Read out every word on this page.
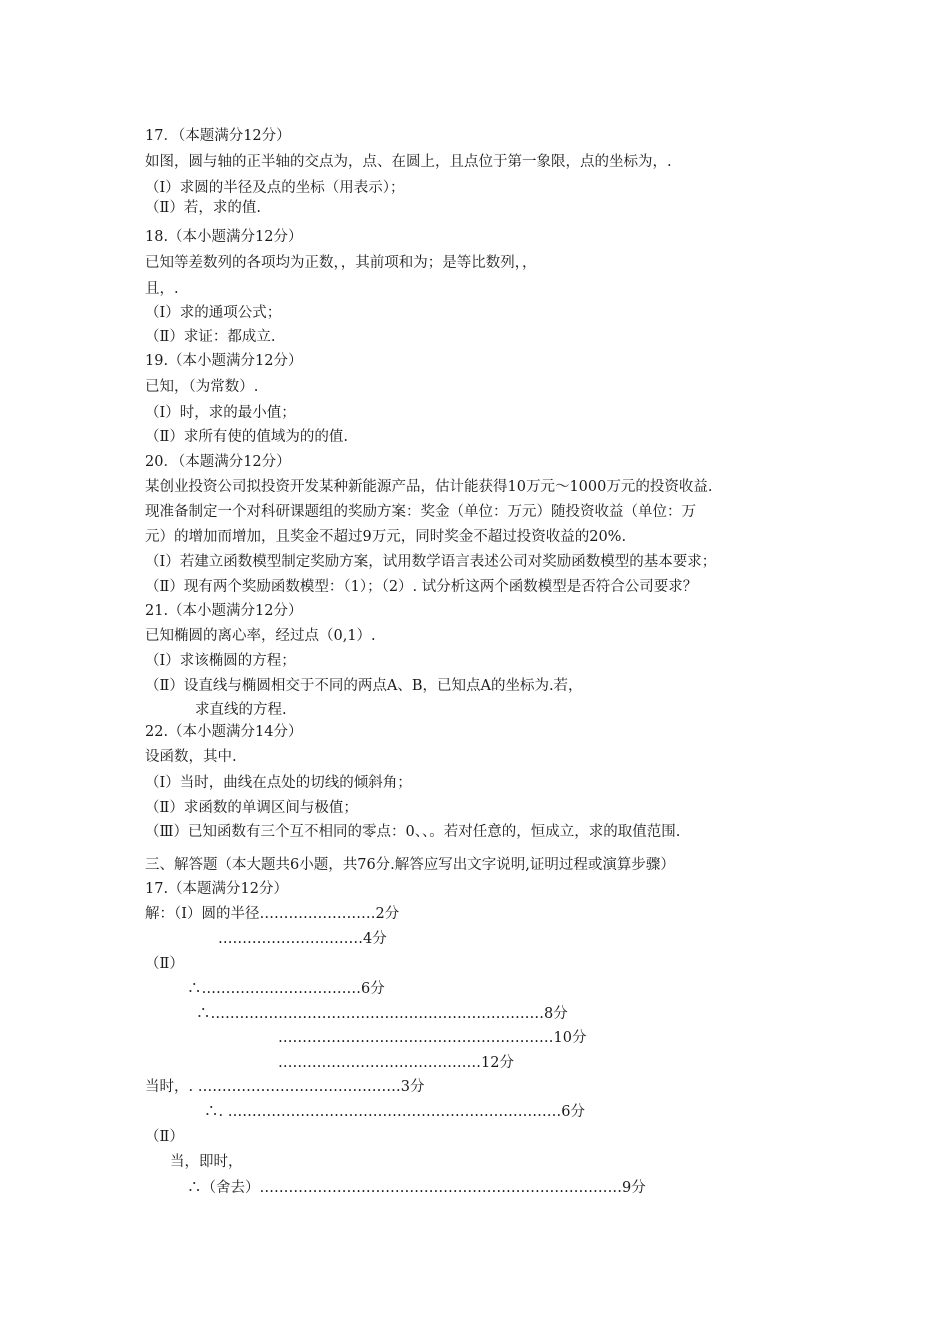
17．（本题满分12分）
如图，圆与轴的正半轴的交点为，点、在圆上，且点位于第一象限，点的坐标为，.
（Ⅰ）求圆的半径及点的坐标（用表示）；
（Ⅱ）若，求的值.
18.（本小题满分12分）
已知等差数列的各项均为正数，，其前项和为；是等比数列，，
且，.
（I）求的通项公式；
（Ⅱ）求证：都成立.
19.（本小题满分12分）
已知，（为常数）.
（I）时，求的最小值；
（Ⅱ）求所有使的值域为的的值.
20．（本题满分12分）
某创业投资公司拟投资开发某种新能源产品，估计能获得10万元～1000万元的投资收益.
现准备制定一个对科研课题组的奖励方案：奖金（单位：万元）随投资收益（单位：万
元）的增加而增加，且奖金不超过9万元，同时奖金不超过投资收益的20%.
（Ⅰ）若建立函数模型制定奖励方案，试用数学语言表述公司对奖励函数模型的基本要求；
（Ⅱ）现有两个奖励函数模型：（1）；（2）. 试分析这两个函数模型是否符合公司要求？
21.（本小题满分12分）
已知椭圆的离心率，经过点（0,1）.
（Ⅰ）求该椭圆的方程；
（Ⅱ）设直线与椭圆相交于不同的两点A、B，已知点A的坐标为.若，
求直线的方程.
22.（本小题满分14分）
设函数，其中.
（Ⅰ）当时，曲线在点处的切线的倾斜角；
（Ⅱ）求函数的单调区间与极值；
（Ⅲ）已知函数有三个互不相同的零点：0、、。若对任意的，恒成立，求的取值范围.
三、解答题（本大题共6小题，共76分.解答应写出文字说明,证明过程或演算步骤）
17.（本题满分12分）
解：（Ⅰ）圆的半径……………………2分
…………………………4分
（Ⅱ）
∴……………………………6分
∴……………………………………………………………8分
…………………………………………………10分
……………………………………12分
当时，. ……………………………………3分
∴. ……………………………………………………………6分
（Ⅱ）
当，即时，
∴（舍去）…………………………………………………………………9分
